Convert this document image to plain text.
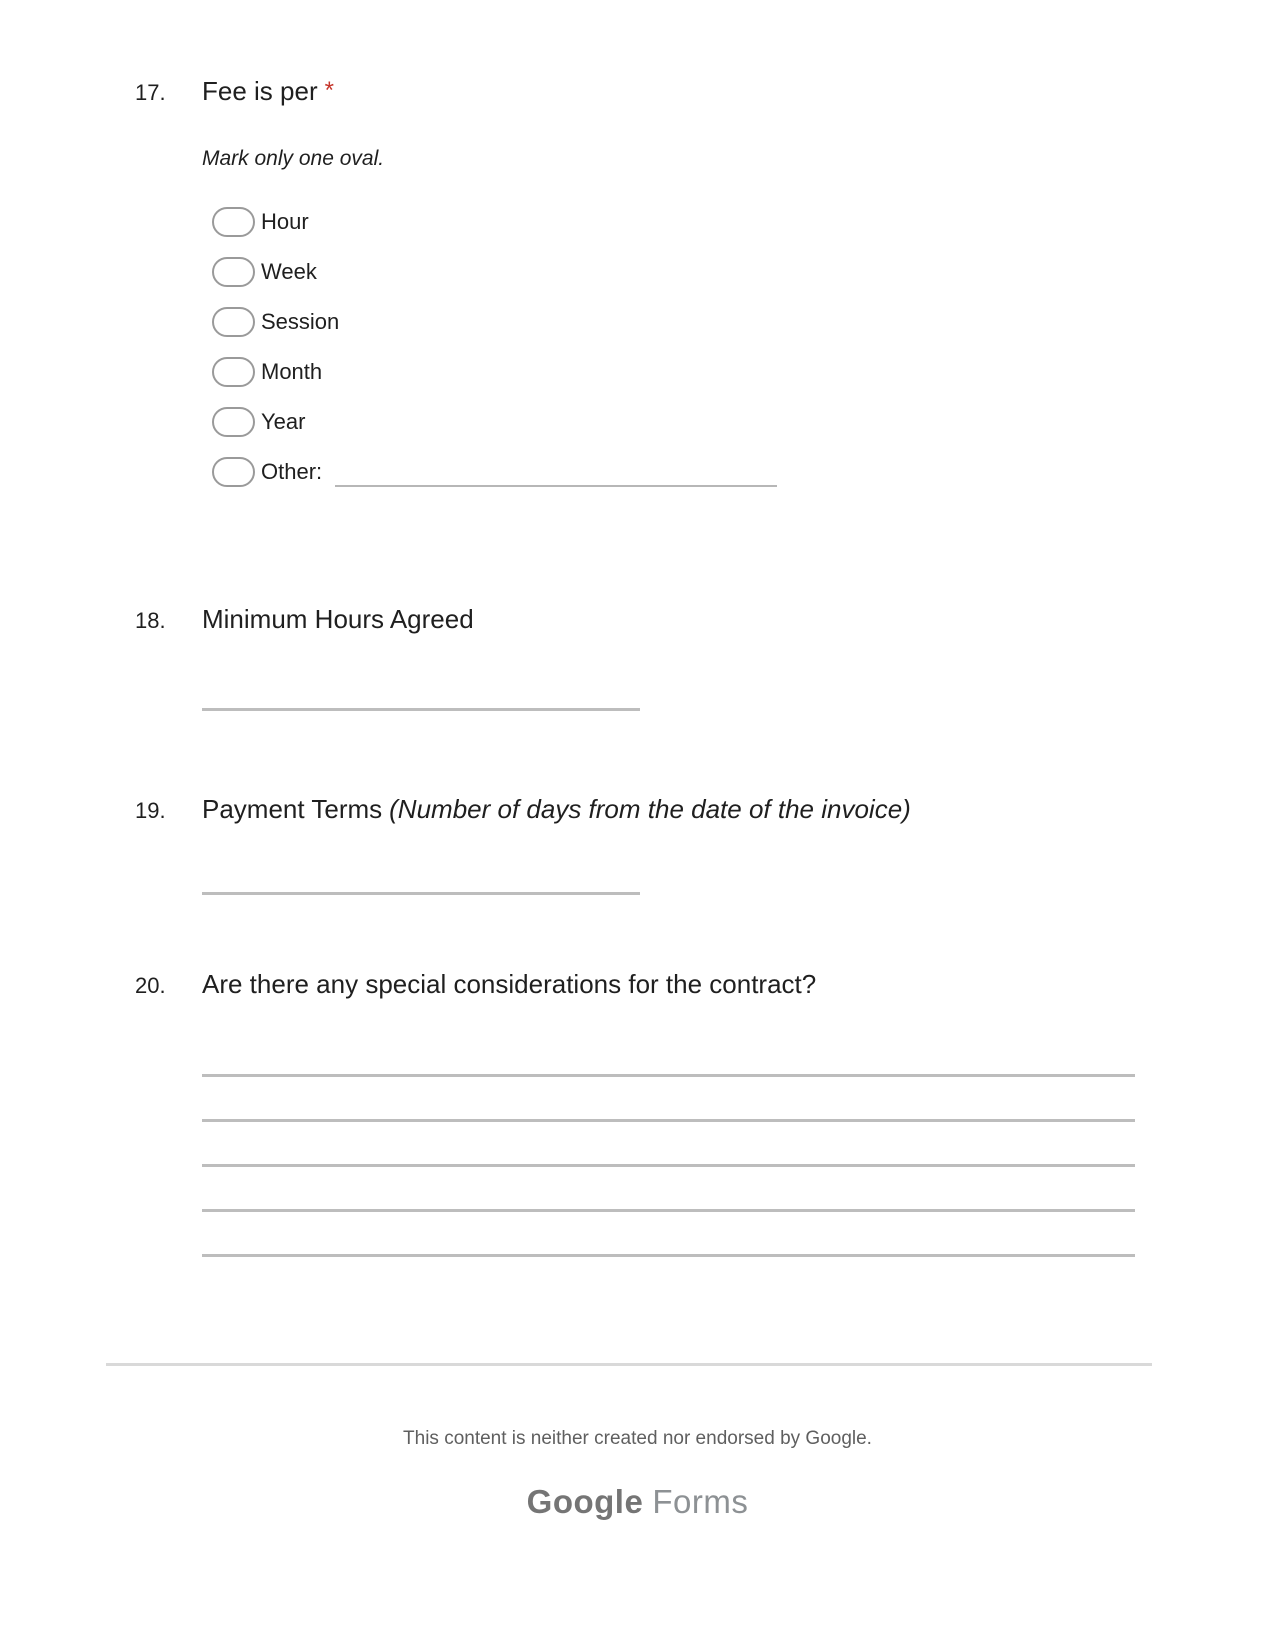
17.	Fee is per *

Mark only one oval.

Hour
Week
Session
Month
Year
Other:
18.	Minimum Hours Agreed
19.	Payment Terms (Number of days from the date of the invoice)
20.	Are there any special considerations for the contract?

This content is neither created nor endorsed by Google.

Google Forms
